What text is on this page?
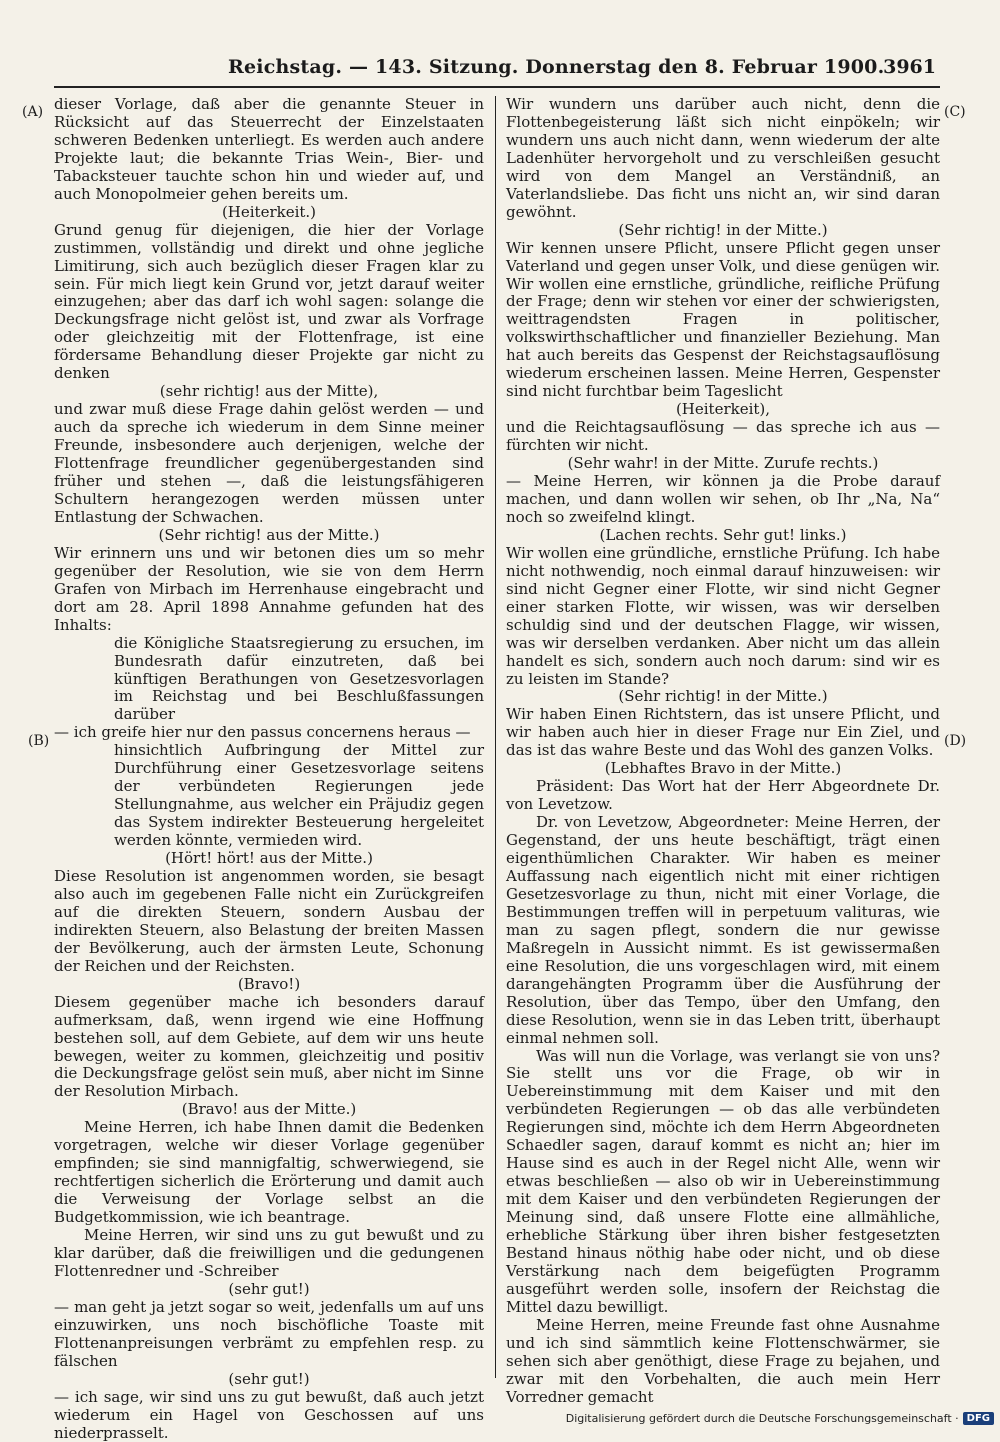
Reichstag. — 143. Sitzung. Donnerstag den 8. Februar 1900.
3961
(A)
(B)
(C)
(D)

dieser Vorlage, daß aber die genannte Steuer in Rücksicht auf das Steuerrecht der Einzelstaaten schweren Bedenken unterliegt. Es werden auch andere Projekte laut; die bekannte Trias Wein-, Bier- und Tabacksteuer tauchte schon hin und wieder auf, und auch Monopolmeier gehen bereits um.

(Heiterkeit.)

Grund genug für diejenigen, die hier der Vorlage zustimmen, vollständig und direkt und ohne jegliche Limitirung, sich auch bezüglich dieser Fragen klar zu sein. Für mich liegt kein Grund vor, jetzt darauf weiter einzugehen; aber das darf ich wohl sagen: solange die Deckungsfrage nicht gelöst ist, und zwar als Vorfrage oder gleichzeitig mit der Flottenfrage, ist eine fördersame Behandlung dieser Projekte gar nicht zu denken

(sehr richtig! aus der Mitte),

und zwar muß diese Frage dahin gelöst werden — und auch da spreche ich wiederum in dem Sinne meiner Freunde, insbesondere auch derjenigen, welche der Flottenfrage freundlicher gegenübergestanden sind früher und stehen —, daß die leistungsfähigeren Schultern herangezogen werden müssen unter Entlastung der Schwachen.

(Sehr richtig! aus der Mitte.)

Wir erinnern uns und wir betonen dies um so mehr gegenüber der Resolution, wie sie von dem Herrn Grafen von Mirbach im Herrenhause eingebracht und dort am 28. April 1898 Annahme gefunden hat des Inhalts:

die Königliche Staatsregierung zu ersuchen, im Bundesrath dafür einzutreten, daß bei künftigen Berathungen von Gesetzesvorlagen im Reichstag und bei Beschlußfassungen darüber

— ich greife hier nur den passus concernens heraus —

hinsichtlich Aufbringung der Mittel zur Durchführung einer Gesetzesvorlage seitens der verbündeten Regierungen jede Stellungnahme, aus welcher ein Präjudiz gegen das System indirekter Besteuerung hergeleitet werden könnte, vermieden wird.

(Hört! hört! aus der Mitte.)

Diese Resolution ist angenommen worden, sie besagt also auch im gegebenen Falle nicht ein Zurückgreifen auf die direkten Steuern, sondern Ausbau der indirekten Steuern, also Belastung der breiten Massen der Bevölkerung, auch der ärmsten Leute, Schonung der Reichen und der Reichsten.

(Bravo!)

Diesem gegenüber mache ich besonders darauf aufmerksam, daß, wenn irgend wie eine Hoffnung bestehen soll, auf dem Gebiete, auf dem wir uns heute bewegen, weiter zu kommen, gleichzeitig und positiv die Deckungsfrage gelöst sein muß, aber nicht im Sinne der Resolution Mirbach.

(Bravo! aus der Mitte.)

Meine Herren, ich habe Ihnen damit die Bedenken vorgetragen, welche wir dieser Vorlage gegenüber empfinden; sie sind mannigfaltig, schwerwiegend, sie rechtfertigen sicherlich die Erörterung und damit auch die Verweisung der Vorlage selbst an die Budgetkommission, wie ich beantrage.

Meine Herren, wir sind uns zu gut bewußt und zu klar darüber, daß die freiwilligen und die gedungenen Flottenredner und -Schreiber

(sehr gut!)

— man geht ja jetzt sogar so weit, jedenfalls um auf uns einzuwirken, uns noch bischöfliche Toaste mit Flottenanpreisungen verbrämt zu empfehlen resp. zu fälschen

(sehr gut!)

— ich sage, wir sind uns zu gut bewußt, daß auch jetzt wiederum ein Hagel von Geschossen auf uns niederprasselt.

Wir wundern uns darüber auch nicht, denn die Flottenbegeisterung läßt sich nicht einpökeln; wir wundern uns auch nicht dann, wenn wiederum der alte Ladenhüter hervorgeholt und zu verschleißen gesucht wird von dem Mangel an Verständniß, an Vaterlandsliebe. Das ficht uns nicht an, wir sind daran gewöhnt.

(Sehr richtig! in der Mitte.)

Wir kennen unsere Pflicht, unsere Pflicht gegen unser Vaterland und gegen unser Volk, und diese genügen wir. Wir wollen eine ernstliche, gründliche, reifliche Prüfung der Frage; denn wir stehen vor einer der schwierigsten, weittragendsten Fragen in politischer, volkswirthschaftlicher und finanzieller Beziehung. Man hat auch bereits das Gespenst der Reichstagsauflösung wiederum erscheinen lassen. Meine Herren, Gespenster sind nicht furchtbar beim Tageslicht

(Heiterkeit),

und die Reichtagsauflösung — das spreche ich aus — fürchten wir nicht.

(Sehr wahr! in der Mitte. Zurufe rechts.)

— Meine Herren, wir können ja die Probe darauf machen, und dann wollen wir sehen, ob Ihr „Na, Na“ noch so zweifelnd klingt.

(Lachen rechts. Sehr gut! links.)

Wir wollen eine gründliche, ernstliche Prüfung. Ich habe nicht nothwendig, noch einmal darauf hinzuweisen: wir sind nicht Gegner einer Flotte, wir sind nicht Gegner einer starken Flotte, wir wissen, was wir derselben schuldig sind und der deutschen Flagge, wir wissen, was wir derselben verdanken. Aber nicht um das allein handelt es sich, sondern auch noch darum: sind wir es zu leisten im Stande?

(Sehr richtig! in der Mitte.)

Wir haben Einen Richtstern, das ist unsere Pflicht, und wir haben auch hier in dieser Frage nur Ein Ziel, und das ist das wahre Beste und das Wohl des ganzen Volks.

(Lebhaftes Bravo in der Mitte.)

Präsident: Das Wort hat der Herr Abgeordnete Dr. von Levetzow.

Dr. von Levetzow, Abgeordneter: Meine Herren, der Gegenstand, der uns heute beschäftigt, trägt einen eigenthümlichen Charakter. Wir haben es meiner Auffassung nach eigentlich nicht mit einer richtigen Gesetzesvorlage zu thun, nicht mit einer Vorlage, die Bestimmungen treffen will in perpetuum valituras, wie man zu sagen pflegt, sondern die nur gewisse Maßregeln in Aussicht nimmt. Es ist gewissermaßen eine Resolution, die uns vorgeschlagen wird, mit einem darangehängten Programm über die Ausführung der Resolution, über das Tempo, über den Umfang, den diese Resolution, wenn sie in das Leben tritt, überhaupt einmal nehmen soll.

Was will nun die Vorlage, was verlangt sie von uns? Sie stellt uns vor die Frage, ob wir in Uebereinstimmung mit dem Kaiser und mit den verbündeten Regierungen — ob das alle verbündeten Regierungen sind, möchte ich dem Herrn Abgeordneten Schaedler sagen, darauf kommt es nicht an; hier im Hause sind es auch in der Regel nicht Alle, wenn wir etwas beschließen — also ob wir in Uebereinstimmung mit dem Kaiser und den verbündeten Regierungen der Meinung sind, daß unsere Flotte eine allmähliche, erhebliche Stärkung über ihren bisher festgesetzten Bestand hinaus nöthig habe oder nicht, und ob diese Verstärkung nach dem beigefügten Programm ausgeführt werden solle, insofern der Reichstag die Mittel dazu bewilligt.

Meine Herren, meine Freunde fast ohne Ausnahme und ich sind sämmtlich keine Flottenschwärmer, sie sehen sich aber genöthigt, diese Frage zu bejahen, und zwar mit den Vorbehalten, die auch mein Herr Vorredner gemacht

Digitalisierung gefördert durch die Deutsche Forschungsgemeinschaft · DFG
